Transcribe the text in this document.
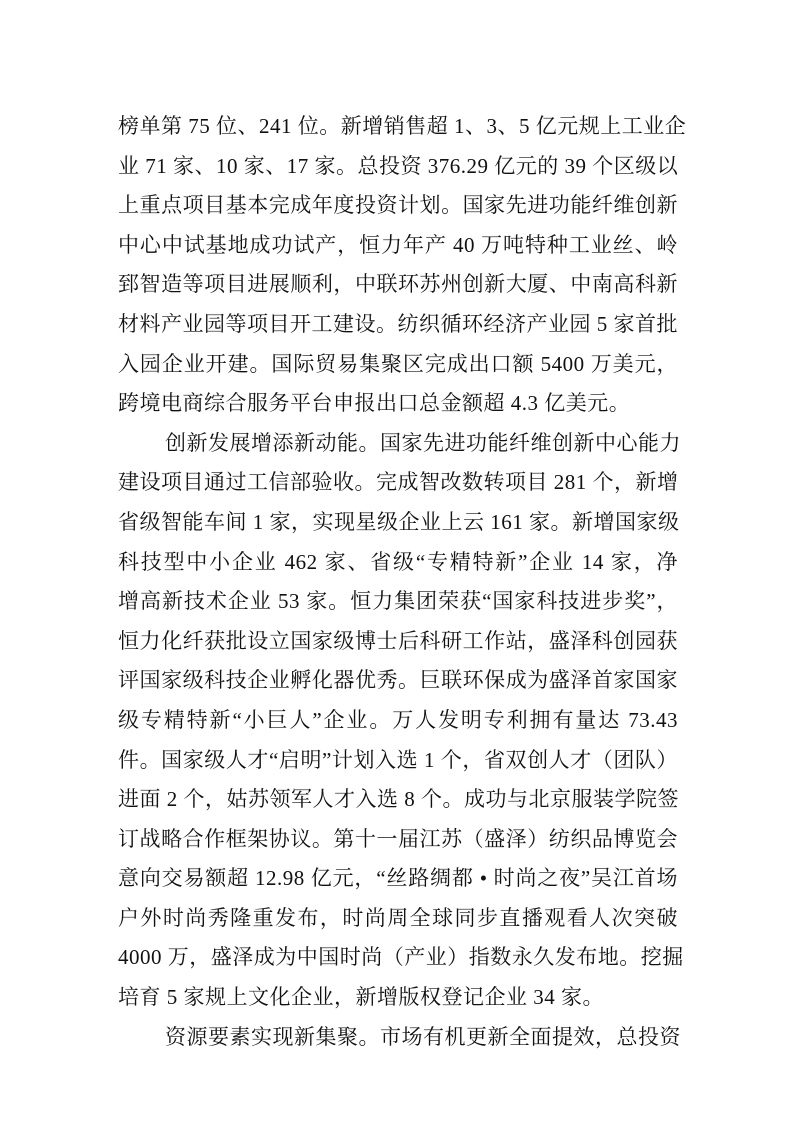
榜单第 75 位、241 位。新增销售超 1、3、5 亿元规上工业企
业 71 家、10 家、17 家。总投资 376.29 亿元的 39 个区级以
上重点项目基本完成年度投资计划。国家先进功能纤维创新
中心中试基地成功试产，恒力年产 40 万吨特种工业丝、岭
郅智造等项目进展顺利，中联环苏州创新大厦、中南高科新
材料产业园等项目开工建设。纺织循环经济产业园 5 家首批
入园企业开建。国际贸易集聚区完成出口额 5400 万美元，
跨境电商综合服务平台申报出口总金额超 4.3 亿美元。
创新发展增添新动能。国家先进功能纤维创新中心能力
建设项目通过工信部验收。完成智改数转项目 281 个，新增
省级智能车间 1 家，实现星级企业上云 161 家。新增国家级
科技型中小企业 462 家、省级“专精特新”企业 14 家，净
增高新技术企业 53 家。恒力集团荣获“国家科技进步奖”，
恒力化纤获批设立国家级博士后科研工作站，盛泽科创园获
评国家级科技企业孵化器优秀。巨联环保成为盛泽首家国家
级专精特新“小巨人”企业。万人发明专利拥有量达 73.43
件。国家级人才“启明”计划入选 1 个，省双创人才（团队）
进面 2 个，姑苏领军人才入选 8 个。成功与北京服装学院签
订战略合作框架协议。第十一届江苏（盛泽）纺织品博览会
意向交易额超 12.98 亿元，“丝路绸都 • 时尚之夜”吴江首场
户外时尚秀隆重发布，时尚周全球同步直播观看人次突破
4000 万，盛泽成为中国时尚（产业）指数永久发布地。挖掘
培育 5 家规上文化企业，新增版权登记企业 34 家。
资源要素实现新集聚。市场有机更新全面提效，总投资
